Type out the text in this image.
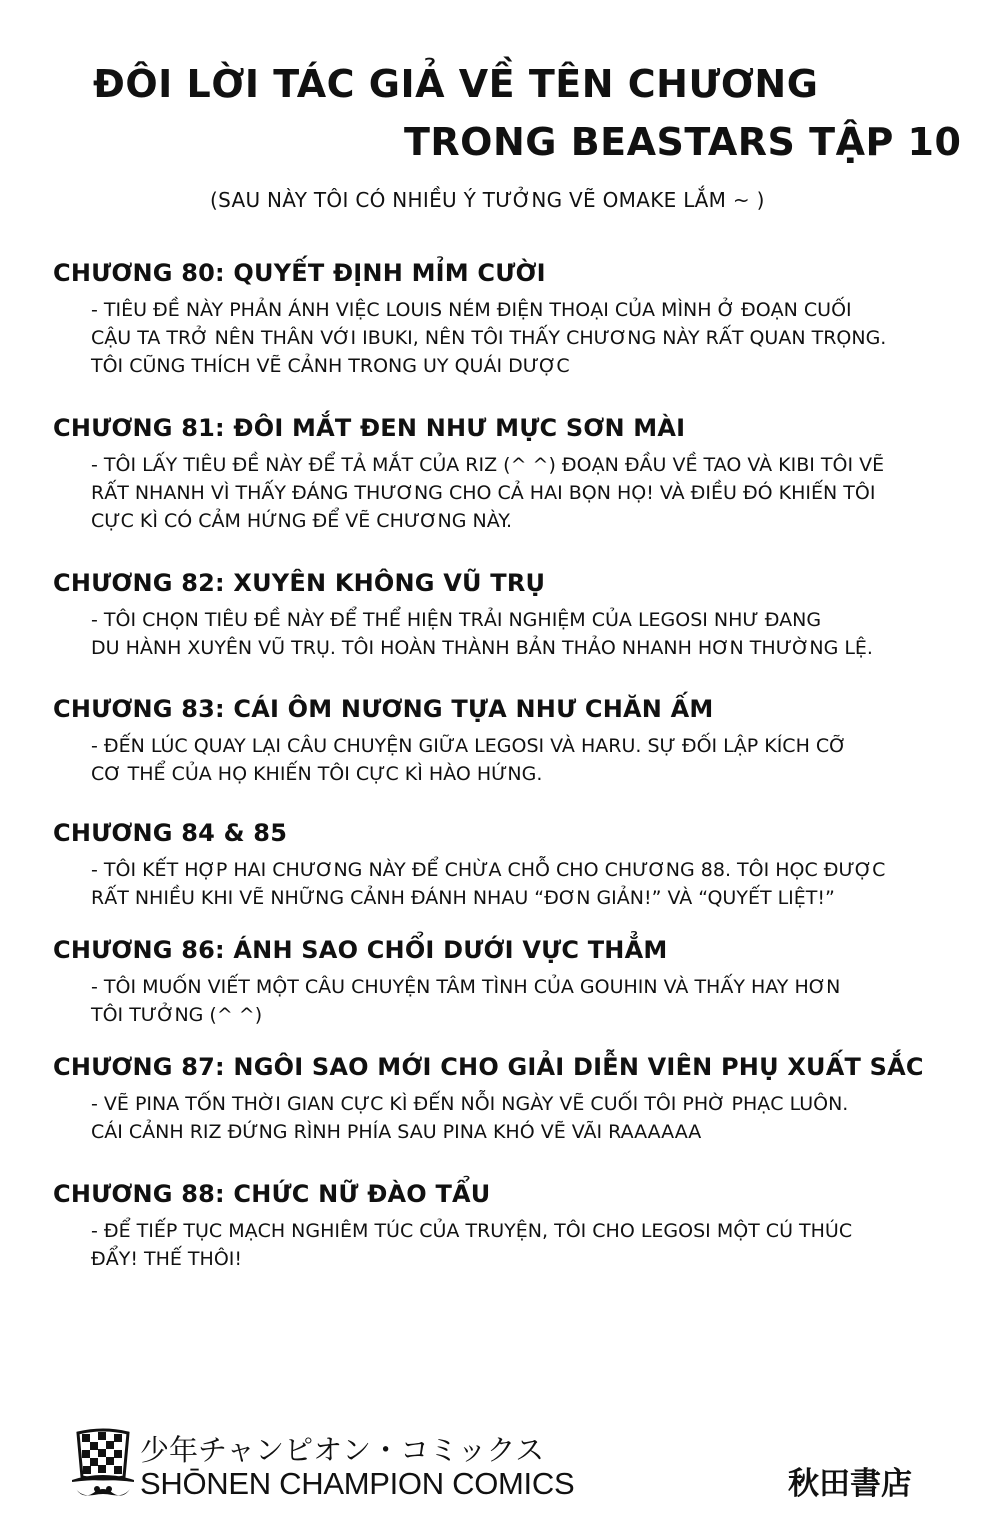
ĐÔI LỜI TÁC GIẢ VỀ TÊN CHƯƠNG
TRONG BEASTARS TẬP 10
(SAU NÀY TÔI CÓ NHIỀU Ý TƯỞNG VẼ OMAKE LẮM ~ )
CHƯƠNG 80: QUYẾT ĐỊNH MỈM CƯỜI
- TIÊU ĐỀ NÀY PHẢN ÁNH VIỆC LOUIS NÉM ĐIỆN THOẠI CỦA MÌNH Ở ĐOẠN CUỐI
CẬU TA TRỞ NÊN THÂN VỚI IBUKI, NÊN TÔI THẤY CHƯƠNG NÀY RẤT QUAN TRỌNG.
TÔI CŨNG THÍCH VẼ CẢNH TRONG UY QUÁI DƯỢC
CHƯƠNG 81: ĐÔI MẮT ĐEN NHƯ MỰC SƠN MÀI
- TÔI LẤY TIÊU ĐỀ NÀY ĐỂ TẢ MẮT CỦA RIZ (^ ^) ĐOẠN ĐẦU VỀ TAO VÀ KIBI TÔI VẼ
RẤT NHANH VÌ THẤY ĐÁNG THƯƠNG CHO CẢ HAI BỌN HỌ! VÀ ĐIỀU ĐÓ KHIẾN TÔI
CỰC KÌ CÓ CẢM HỨNG ĐỂ VẼ CHƯƠNG NÀY.
CHƯƠNG 82: XUYÊN KHÔNG VŨ TRỤ
- TÔI CHỌN TIÊU ĐỀ NÀY ĐỂ THỂ HIỆN TRẢI NGHIỆM CỦA LEGOSI NHƯ ĐANG
DU HÀNH XUYÊN VŨ TRỤ. TÔI HOÀN THÀNH BẢN THẢO NHANH HƠN THƯỜNG LỆ.
CHƯƠNG 83: CÁI ÔM NƯƠNG TỰA NHƯ CHĂN ẤM
- ĐẾN LÚC QUAY LẠI CÂU CHUYỆN GIỮA LEGOSI VÀ HARU. SỰ ĐỐI LẬP KÍCH CỠ
CƠ THỂ CỦA HỌ KHIẾN TÔI CỰC KÌ HÀO HỨNG.
CHƯƠNG 84 & 85
- TÔI KẾT HỢP HAI CHƯƠNG NÀY ĐỂ CHỪA CHỖ CHO CHƯƠNG 88. TÔI HỌC ĐƯỢC
RẤT NHIỀU KHI VẼ NHỮNG CẢNH ĐÁNH NHAU “ĐƠN GIẢN!” VÀ “QUYẾT LIỆT!”
CHƯƠNG 86: ÁNH SAO CHỔI DƯỚI VỰC THẲM
- TÔI MUỐN VIẾT MỘT CÂU CHUYỆN TÂM TÌNH CỦA GOUHIN VÀ THẤY HAY HƠN
TÔI TƯỞNG (^ ^)
CHƯƠNG 87: NGÔI SAO MỚI CHO GIẢI DIỄN VIÊN PHỤ XUẤT SẮC
- VẼ PINA TỐN THỜI GIAN CỰC KÌ ĐẾN NỖI NGÀY VẼ CUỐI TÔI PHỜ PHẠC LUÔN.
CÁI CẢNH RIZ ĐỨNG RÌNH PHÍA SAU PINA KHÓ VẼ VÃI RAAAAAA
CHƯƠNG 88: CHỨC NỮ ĐÀO TẨU
- ĐỂ TIẾP TỤC MẠCH NGHIÊM TÚC CỦA TRUYỆN, TÔI CHO LEGOSI MỘT CÚ THÚC
ĐẨY! THẾ THÔI!
少年チャンピオン・コミックス
SHŌNEN CHAMPION COMICS	秋田書店
